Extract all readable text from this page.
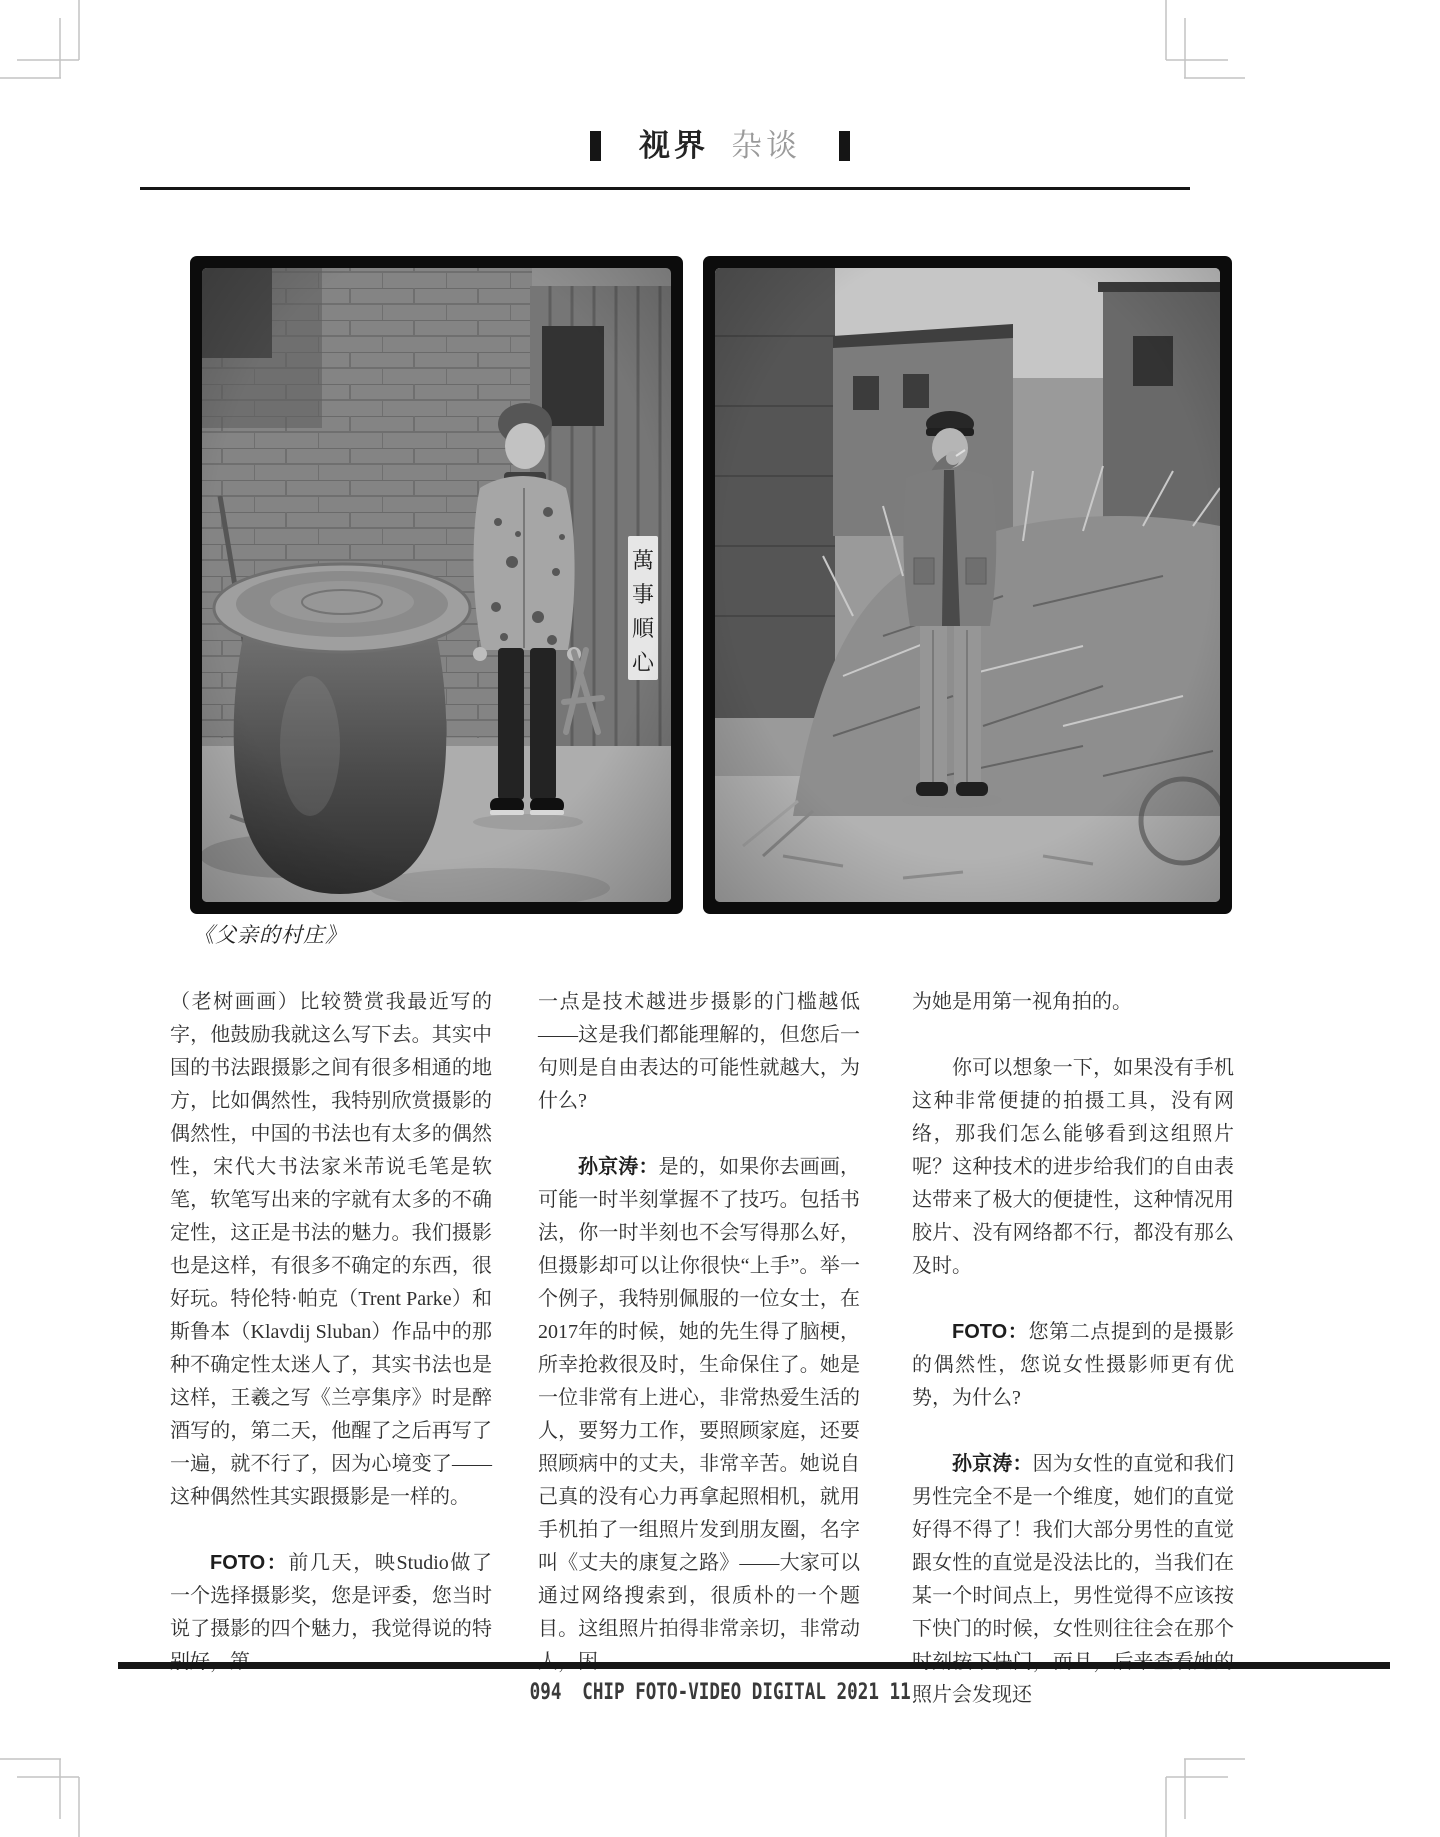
视界 杂谈
《父亲的村庄》

（老树画画）比较赞赏我最近写的字，他鼓励我就这么写下去。其实中国的书法跟摄影之间有很多相通的地方，比如偶然性，我特别欣赏摄影的偶然性，中国的书法也有太多的偶然性，宋代大书法家米芾说毛笔是软笔，软笔写出来的字就有太多的不确定性，这正是书法的魅力。我们摄影也是这样，有很多不确定的东西，很好玩。特伦特·帕克（Trent Parke）和斯鲁本（Klavdij Sluban）作品中的那种不确定性太迷人了，其实书法也是这样，王羲之写《兰亭集序》时是醉酒写的，第二天，他醒了之后再写了一遍，就不行了，因为心境变了——这种偶然性其实跟摄影是一样的。

FOTO：前几天，映Studio做了一个选择摄影奖，您是评委，您当时说了摄影的四个魅力，我觉得说的特

一点是技术越进步摄影的门槛越低——这是我们都能理解的，但您后一句则是自由表达的可能性就越大，为什么?

孙京涛：是的，如果你去画画，可能一时半刻掌握不了技巧。包括书法，你一时半刻也不会写得那么好，但摄影却可以让你很快“上手”。举一个例子，我特别佩服的一位女士，在2017年的时候，她的先生得了脑梗，所幸抢救很及时，生命保住了。她是一位非常有上进心，非常热爱生活的人，要努力工作，要照顾家庭，还要照顾病中的丈夫，非常辛苦。她说自己真的没有心力再拿起照相机，就用手机拍了一组照片发到朋友圈，名字叫《丈夫的康复之路》——大家可以通过网络搜索到，很质朴的一个题目。这组照片拍得非常亲切，非常动

为她是用第一视角拍的。

你可以想象一下，如果没有手机这种非常便捷的拍摄工具，没有网络，那我们怎么能够看到这组照片呢？这种技术的进步给我们的自由表达带来了极大的便捷性，这种情况用胶片、没有网络都不行，都没有那么及时。

FOTO：您第二点提到的是摄影的偶然性，您说女性摄影师更有优势，为什么?

孙京涛：因为女性的直觉和我们男性完全不是一个维度，她们的直觉好得不得了！我们大部分男性的直觉跟女性的直觉是没法比的，当我们在某一个时间点上，男性觉得不应该按下快门的时候，女性则往往会在那个 照片会发现还

094 CHIP FOTO-VIDEO DIGITAL 2021 11
